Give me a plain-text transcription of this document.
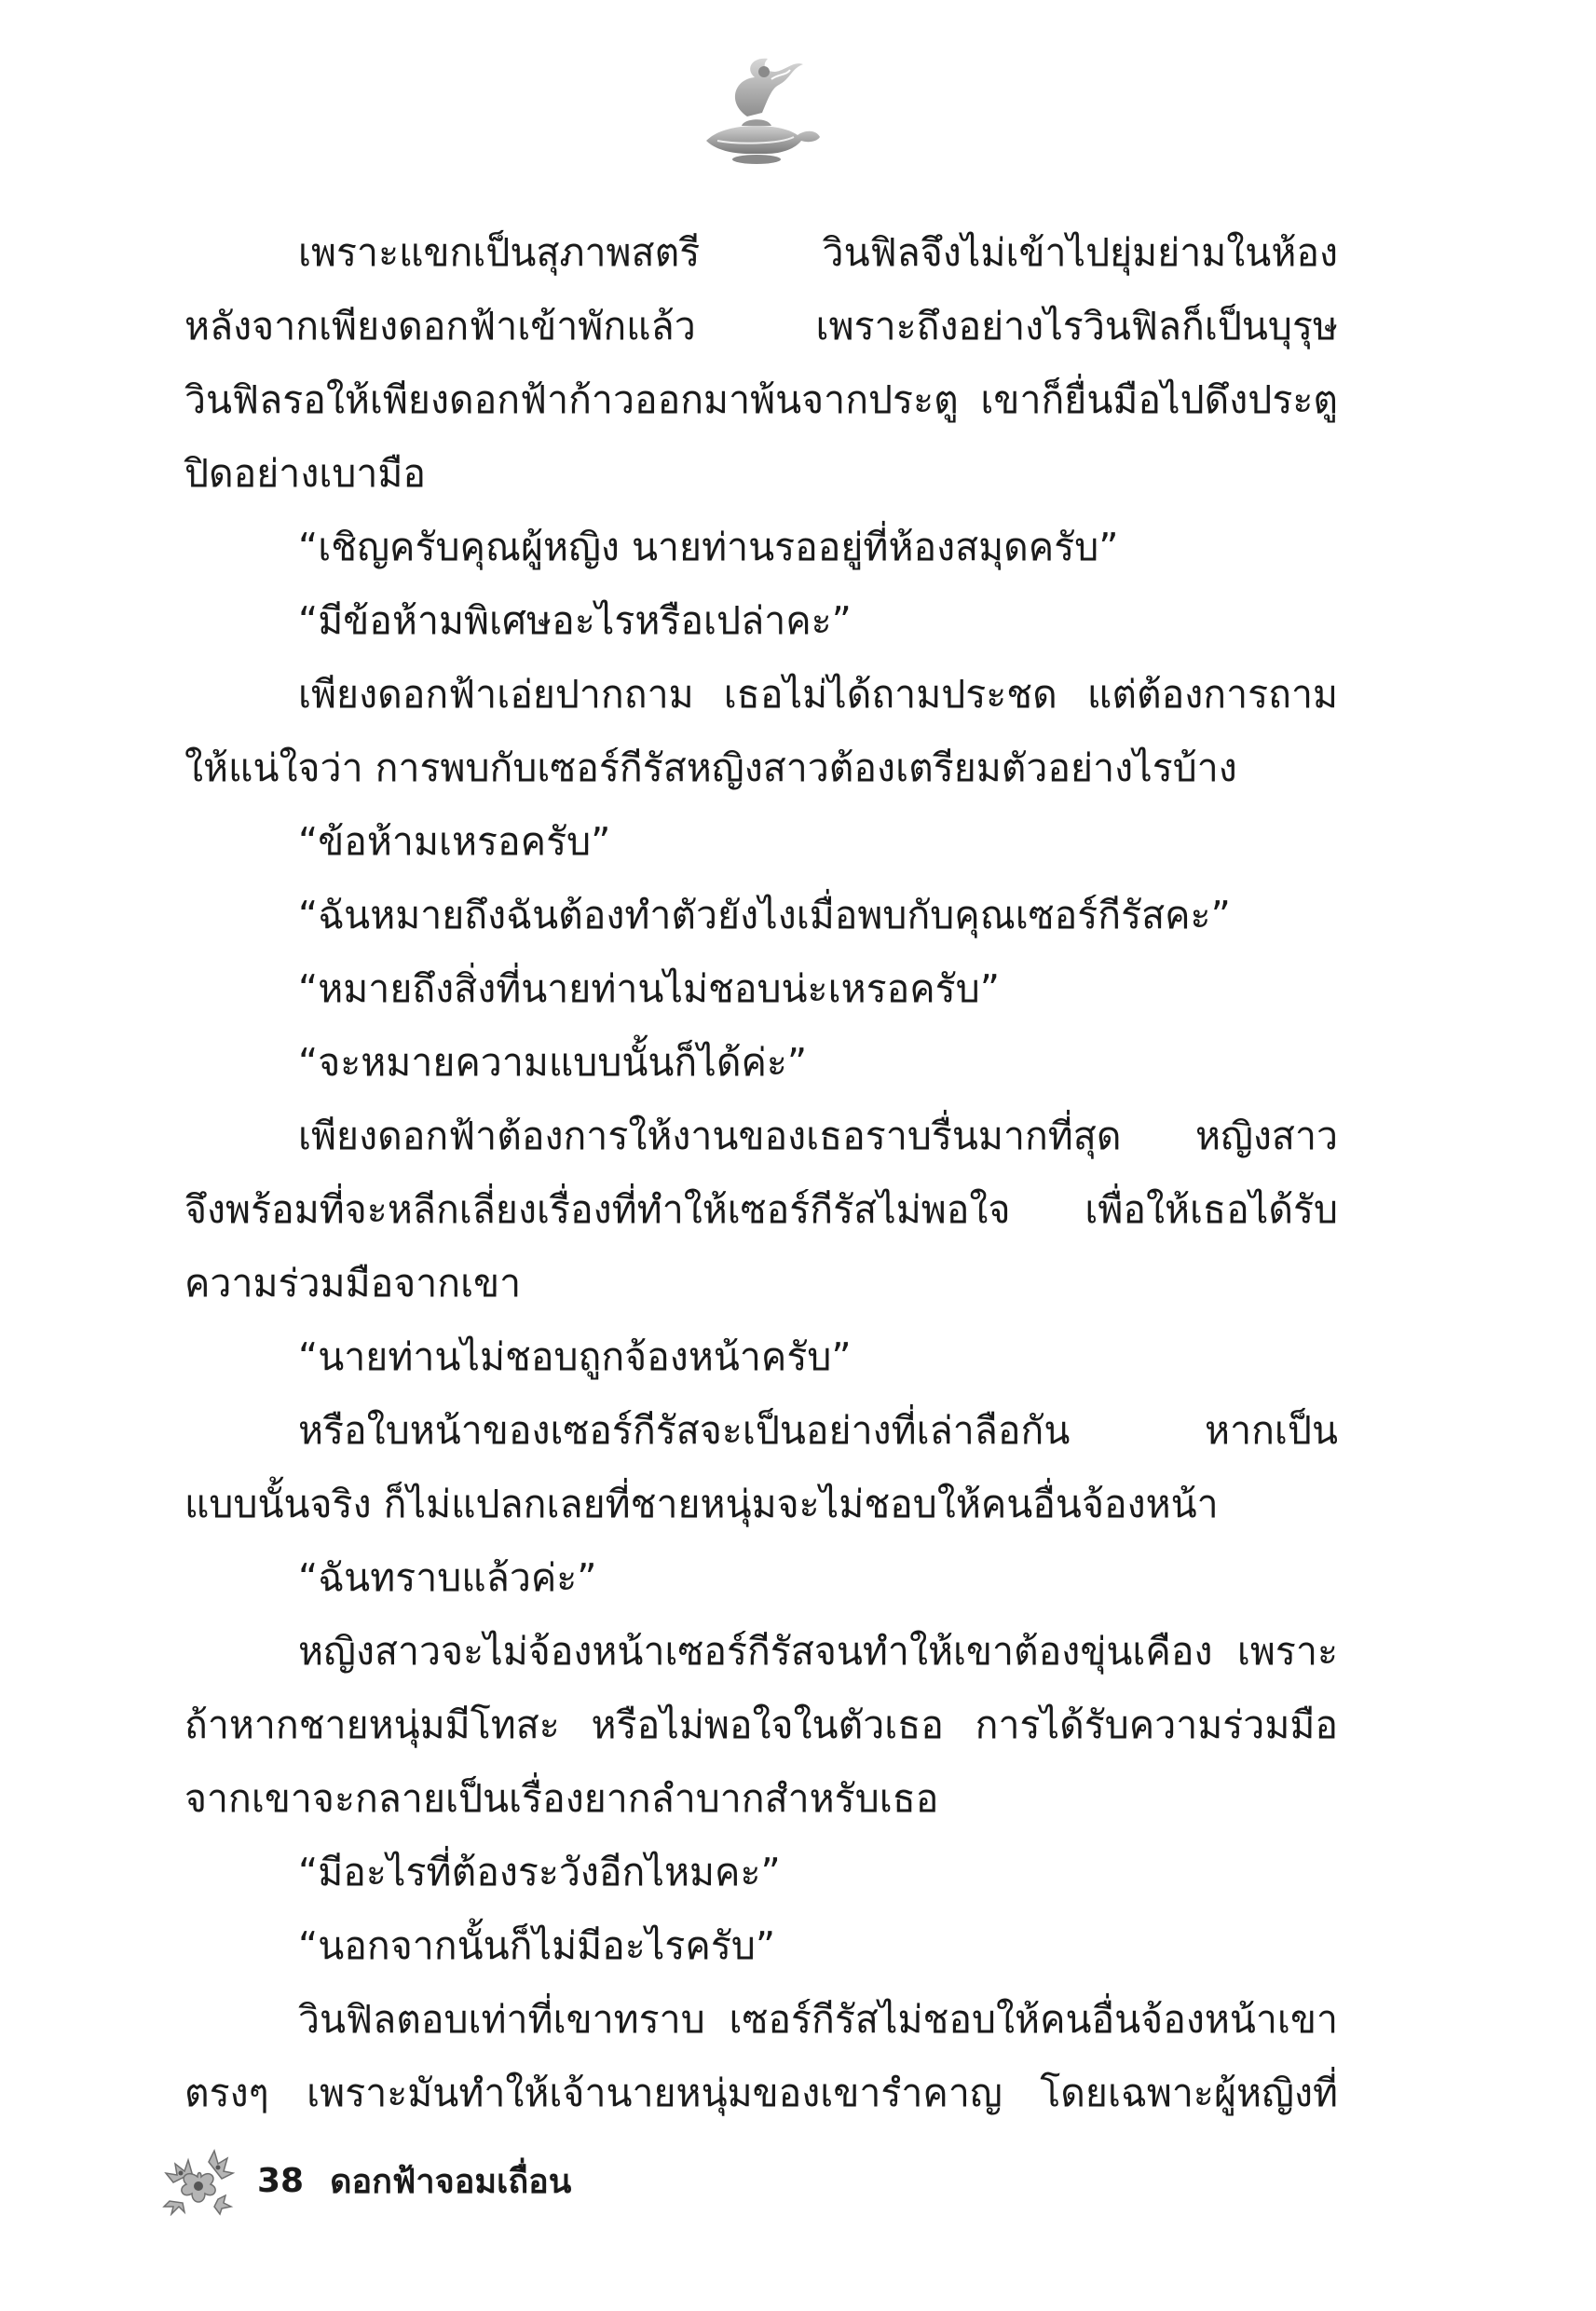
เพราะแขกเป็นสุภาพสตรี วินฟิลจึงไม่เข้าไปยุ่มย่ามในห้อง
หลังจากเพียงดอกฟ้าเข้าพักแล้ว เพราะถึงอย่างไรวินฟิลก็เป็นบุรุษ
วินฟิลรอให้เพียงดอกฟ้าก้าวออกมาพ้นจากประตู เขาก็ยื่นมือไปดึงประตู
ปิดอย่างเบามือ
“เชิญครับคุณผู้หญิง นายท่านรออยู่ที่ห้องสมุดครับ”
“มีข้อห้ามพิเศษอะไรหรือเปล่าคะ”
เพียงดอกฟ้าเอ่ยปากถาม เธอไม่ได้ถามประชด แต่ต้องการถาม
ให้แน่ใจว่า การพบกับเซอร์กีรัสหญิงสาวต้องเตรียมตัวอย่างไรบ้าง
“ข้อห้ามเหรอครับ”
“ฉันหมายถึงฉันต้องทำตัวยังไงเมื่อพบกับคุณเซอร์กีรัสคะ”
“หมายถึงสิ่งที่นายท่านไม่ชอบน่ะเหรอครับ”
“จะหมายความแบบนั้นก็ได้ค่ะ”
เพียงดอกฟ้าต้องการให้งานของเธอราบรื่นมากที่สุด หญิงสาว
จึงพร้อมที่จะหลีกเลี่ยงเรื่องที่ทำให้เซอร์กีรัสไม่พอใจ เพื่อให้เธอได้รับ
ความร่วมมือจากเขา
“นายท่านไม่ชอบถูกจ้องหน้าครับ”
หรือใบหน้าของเซอร์กีรัสจะเป็นอย่างที่เล่าลือกัน หากเป็น
แบบนั้นจริง ก็ไม่แปลกเลยที่ชายหนุ่มจะไม่ชอบให้คนอื่นจ้องหน้า
“ฉันทราบแล้วค่ะ”
หญิงสาวจะไม่จ้องหน้าเซอร์กีรัสจนทำให้เขาต้องขุ่นเคือง เพราะ
ถ้าหากชายหนุ่มมีโทสะ หรือไม่พอใจในตัวเธอ การได้รับความร่วมมือ
จากเขาจะกลายเป็นเรื่องยากลำบากสำหรับเธอ
“มีอะไรที่ต้องระวังอีกไหมคะ”
“นอกจากนั้นก็ไม่มีอะไรครับ”
วินฟิลตอบเท่าที่เขาทราบ เซอร์กีรัสไม่ชอบให้คนอื่นจ้องหน้าเขา
ตรงๆ เพราะมันทำให้เจ้านายหนุ่มของเขารำคาญ โดยเฉพาะผู้หญิงที่
38 ดอกฟ้าจอมเถื่อน
